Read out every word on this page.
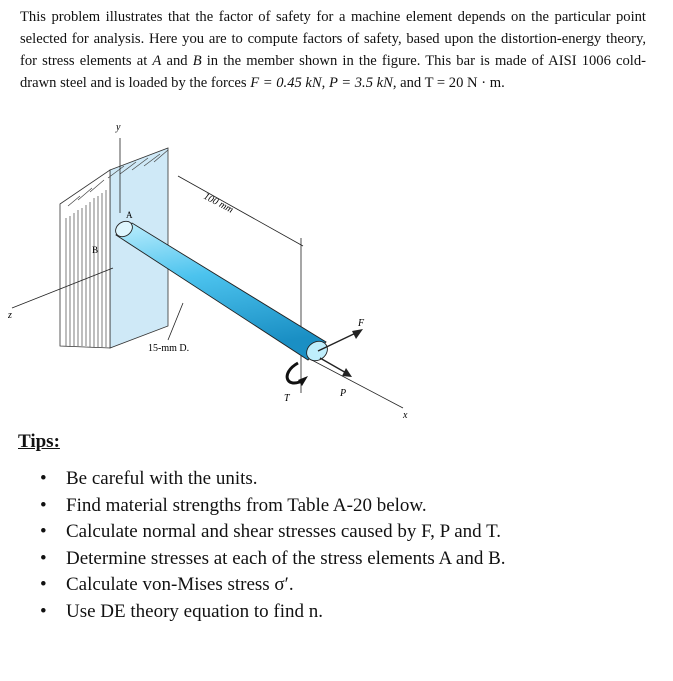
This problem illustrates that the factor of safety for a machine element depends on the particular point selected for analysis. Here you are to compute factors of safety, based upon the distortion-energy theory, for stress elements at A and B in the member shown in the figure. This bar is made of AISI 1006 cold-drawn steel and is loaded by the forces F = 0.45 kN, P = 3.5 kN, and T = 20 N · m.
y
z
x
100 mm
A
B
15-mm D.
F
P
T
Tips:
• Be careful with the units.
• Find material strengths from Table A-20 below.
• Calculate normal and shear stresses caused by F, P and T.
• Determine stresses at each of the stress elements A and B.
• Calculate von-Mises stress σ′.
• Use DE theory equation to find n.
